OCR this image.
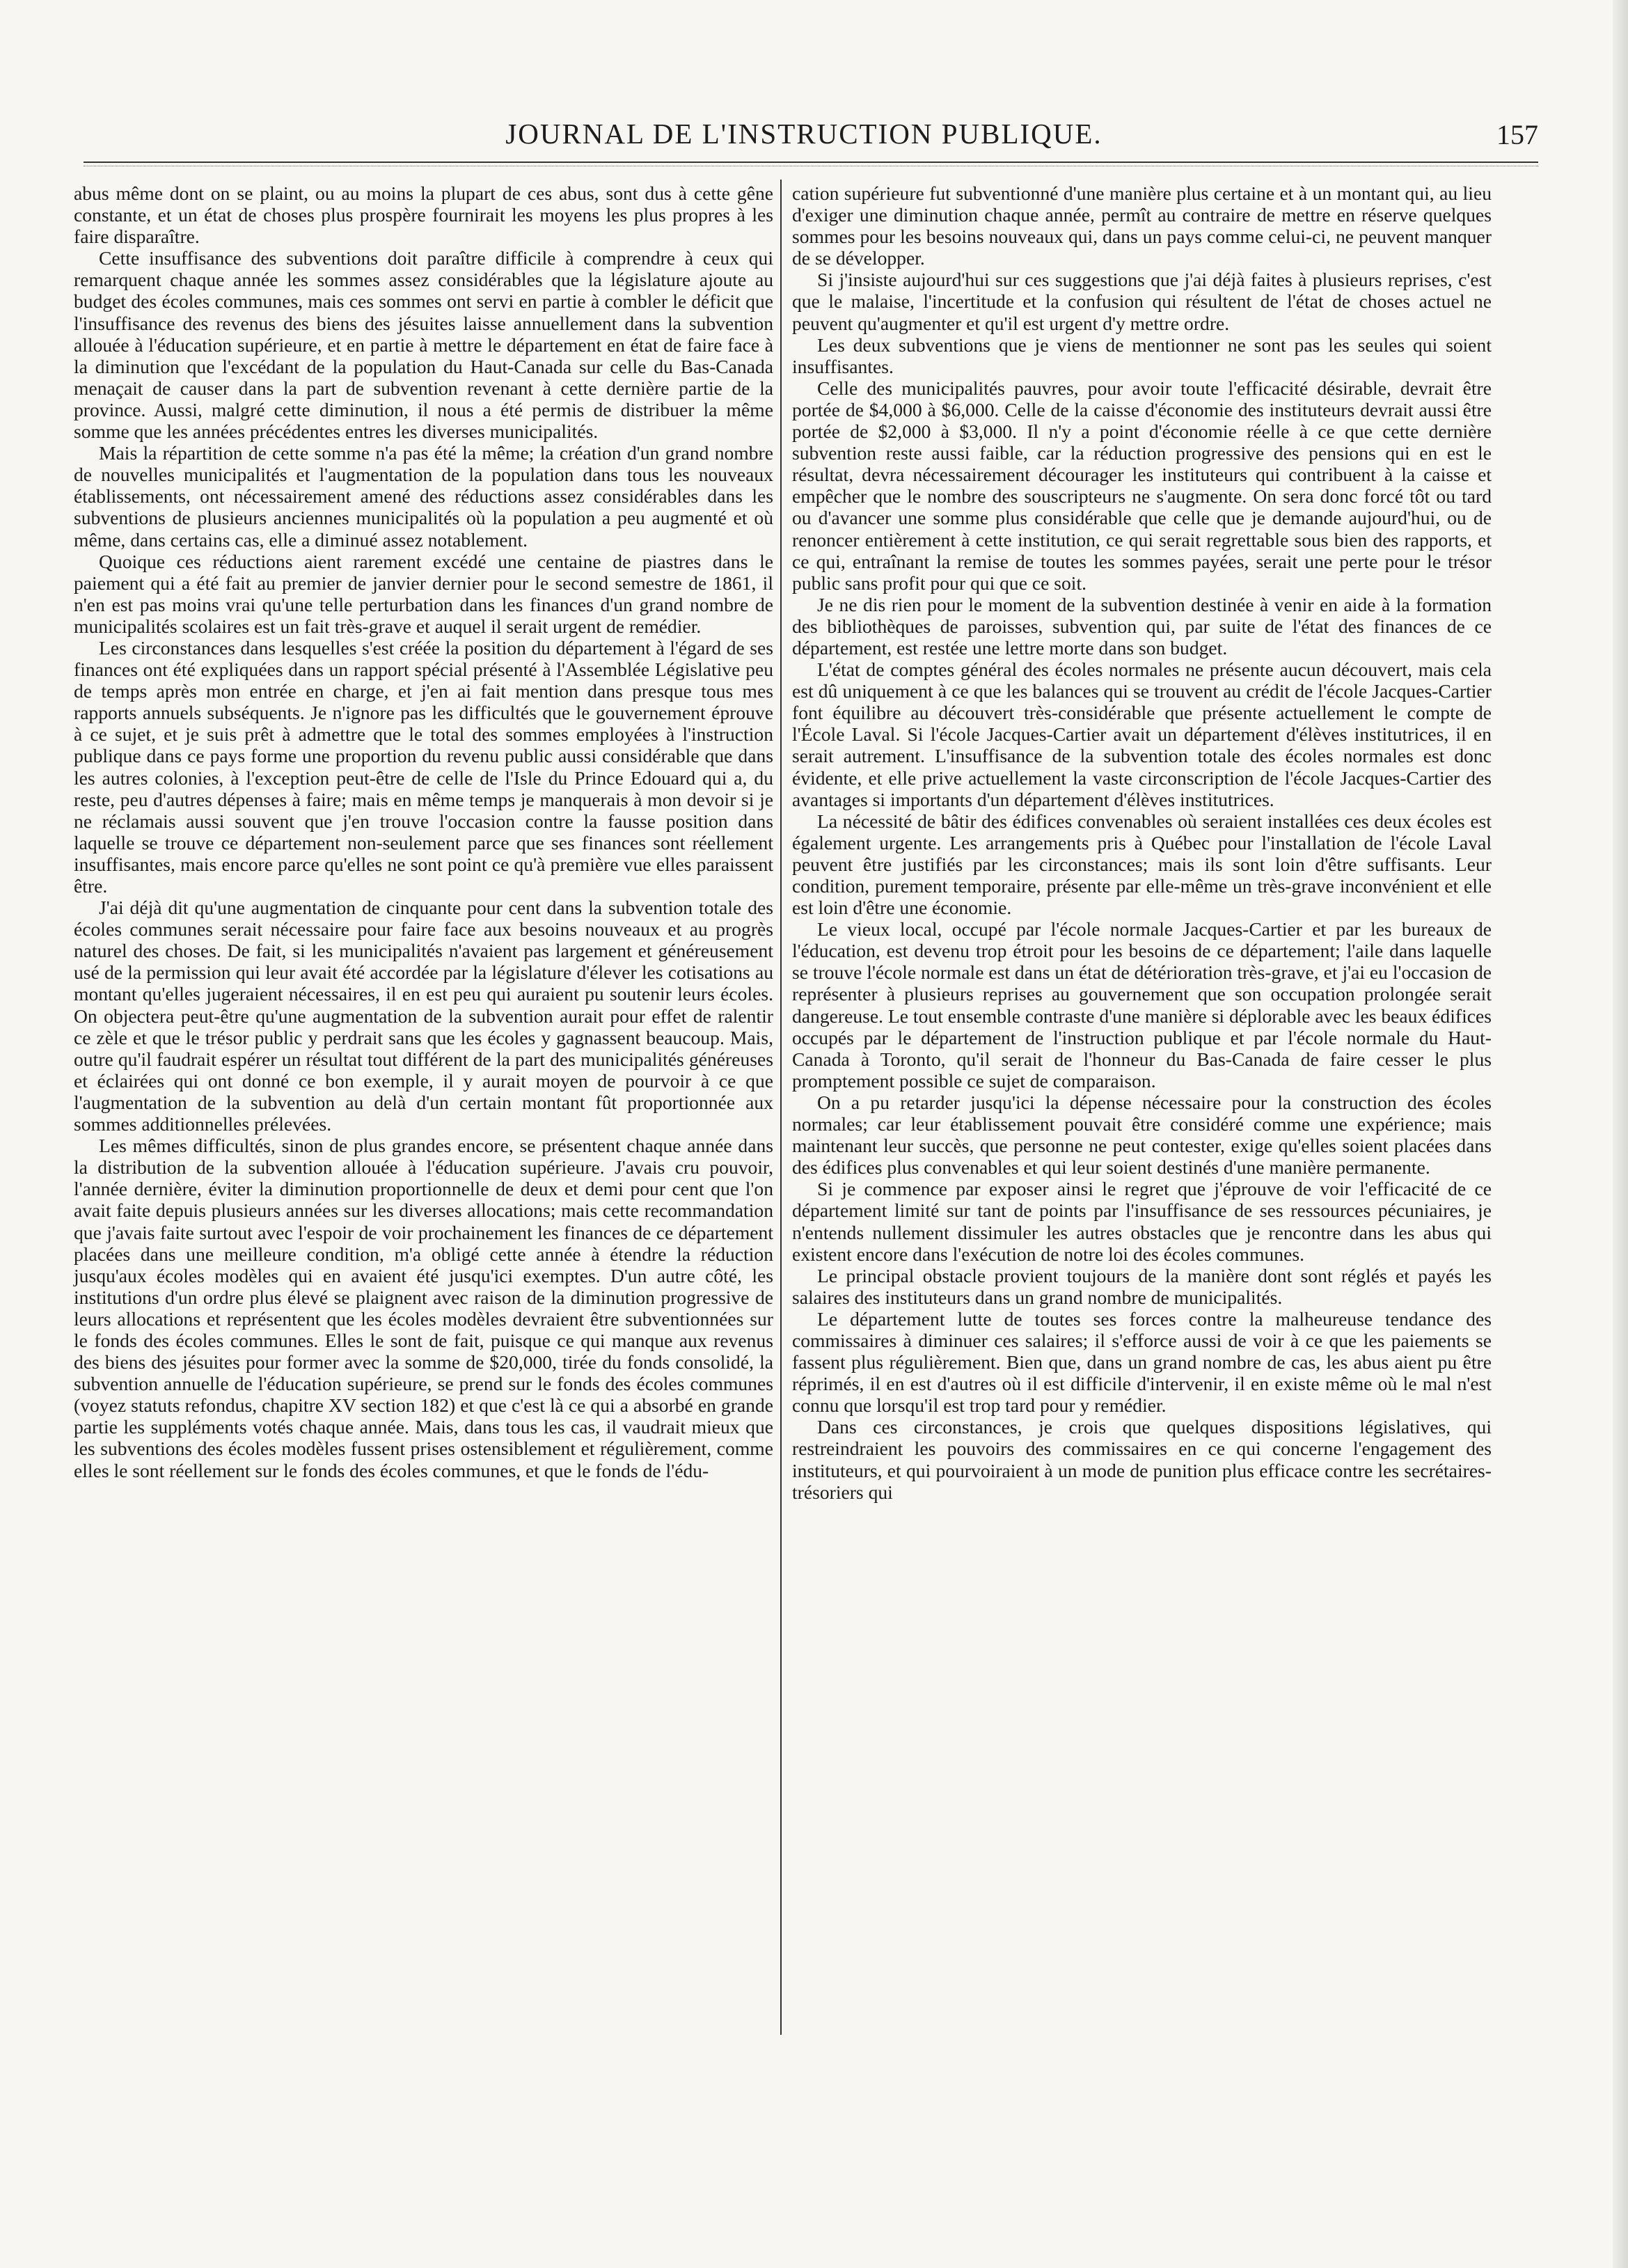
JOURNAL DE L'INSTRUCTION PUBLIQUE.	157

abus même dont on se plaint, ou au moins la plupart de ces abus, sont dus à cette gêne constante, et un état de choses plus prospère fournirait les moyens les plus propres à les faire disparaître.

Cette insuffisance des subventions doit paraître difficile à comprendre à ceux qui remarquent chaque année les sommes assez considérables que la législature ajoute au budget des écoles communes, mais ces sommes ont servi en partie à combler le déficit que l'insuffisance des revenus des biens des jésuites laisse annuellement dans la subvention allouée à l'éducation supérieure, et en partie à mettre le département en état de faire face à la diminution que l'excédant de la population du Haut-Canada sur celle du Bas-Canada menaçait de causer dans la part de subvention revenant à cette dernière partie de la province. Aussi, malgré cette diminution, il nous a été permis de distribuer la même somme que les années précédentes entres les diverses municipalités.

Mais la répartition de cette somme n'a pas été la même; la création d'un grand nombre de nouvelles municipalités et l'augmentation de la population dans tous les nouveaux établissements, ont nécessairement amené des réductions assez considérables dans les subventions de plusieurs anciennes municipalités où la population a peu augmenté et où même, dans certains cas, elle a diminué assez notablement.

Quoique ces réductions aient rarement excédé une centaine de piastres dans le paiement qui a été fait au premier de janvier dernier pour le second semestre de 1861, il n'en est pas moins vrai qu'une telle perturbation dans les finances d'un grand nombre de municipalités scolaires est un fait très-grave et auquel il serait urgent de remédier.

Les circonstances dans lesquelles s'est créée la position du département à l'égard de ses finances ont été expliquées dans un rapport spécial présenté à l'Assemblée Législative peu de temps après mon entrée en charge, et j'en ai fait mention dans presque tous mes rapports annuels subséquents. Je n'ignore pas les difficultés que le gouvernement éprouve à ce sujet, et je suis prêt à admettre que le total des sommes employées à l'instruction publique dans ce pays forme une proportion du revenu public aussi considérable que dans les autres colonies, à l'exception peut-être de celle de l'Isle du Prince Edouard qui a, du reste, peu d'autres dépenses à faire; mais en même temps je manquerais à mon devoir si je ne réclamais aussi souvent que j'en trouve l'occasion contre la fausse position dans laquelle se trouve ce département non-seulement parce que ses finances sont réellement insuffisantes, mais encore parce qu'elles ne sont point ce qu'à première vue elles paraissent être.

J'ai déjà dit qu'une augmentation de cinquante pour cent dans la subvention totale des écoles communes serait nécessaire pour faire face aux besoins nouveaux et au progrès naturel des choses. De fait, si les municipalités n'avaient pas largement et généreusement usé de la permission qui leur avait été accordée par la législature d'élever les cotisations au montant qu'elles jugeraient nécessaires, il en est peu qui auraient pu soutenir leurs écoles. On objectera peut-être qu'une augmentation de la subvention aurait pour effet de ralentir ce zèle et que le trésor public y perdrait sans que les écoles y gagnassent beaucoup. Mais, outre qu'il faudrait espérer un résultat tout différent de la part des municipalités généreuses et éclairées qui ont donné ce bon exemple, il y aurait moyen de pourvoir à ce que l'augmentation de la subvention au delà d'un certain montant fût proportionnée aux sommes additionnelles prélevées.

Les mêmes difficultés, sinon de plus grandes encore, se présentent chaque année dans la distribution de la subvention allouée à l'éducation supérieure. J'avais cru pouvoir, l'année dernière, éviter la diminution proportionnelle de deux et demi pour cent que l'on avait faite depuis plusieurs années sur les diverses allocations; mais cette recommandation que j'avais faite surtout avec l'espoir de voir prochainement les finances de ce département placées dans une meilleure condition, m'a obligé cette année à étendre la réduction jusqu'aux écoles modèles qui en avaient été jusqu'ici exemptes. D'un autre côté, les institutions d'un ordre plus élevé se plaignent avec raison de la diminution progressive de leurs allocations et représentent que les écoles modèles devraient être subventionnées sur le fonds des écoles communes. Elles le sont de fait, puisque ce qui manque aux revenus des biens des jésuites pour former avec la somme de $20,000, tirée du fonds consolidé, la subvention annuelle de l'éducation supérieure, se prend sur le fonds des écoles communes (voyez statuts refondus, chapitre XV section 182) et que c'est là ce qui a absorbé en grande partie les suppléments votés chaque année. Mais, dans tous les cas, il vaudrait mieux que les subventions des écoles modèles fussent prises ostensiblement et régulièrement, comme elles le sont réellement sur le fonds des écoles communes, et que le fonds de l'édu-

cation supérieure fut subventionné d'une manière plus certaine et à un montant qui, au lieu d'exiger une diminution chaque année, permît au contraire de mettre en réserve quelques sommes pour les besoins nouveaux qui, dans un pays comme celui-ci, ne peuvent manquer de se développer.

Si j'insiste aujourd'hui sur ces suggestions que j'ai déjà faites à plusieurs reprises, c'est que le malaise, l'incertitude et la confusion qui résultent de l'état de choses actuel ne peuvent qu'augmenter et qu'il est urgent d'y mettre ordre.

Les deux subventions que je viens de mentionner ne sont pas les seules qui soient insuffisantes.

Celle des municipalités pauvres, pour avoir toute l'efficacité désirable, devrait être portée de $4,000 à $6,000. Celle de la caisse d'économie des instituteurs devrait aussi être portée de $2,000 à $3,000. Il n'y a point d'économie réelle à ce que cette dernière subvention reste aussi faible, car la réduction progressive des pensions qui en est le résultat, devra nécessairement décourager les instituteurs qui contribuent à la caisse et empêcher que le nombre des souscripteurs ne s'augmente. On sera donc forcé tôt ou tard ou d'avancer une somme plus considérable que celle que je demande aujourd'hui, ou de renoncer entièrement à cette institution, ce qui serait regrettable sous bien des rapports, et ce qui, entraînant la remise de toutes les sommes payées, serait une perte pour le trésor public sans profit pour qui que ce soit.

Je ne dis rien pour le moment de la subvention destinée à venir en aide à la formation des bibliothèques de paroisses, subvention qui, par suite de l'état des finances de ce département, est restée une lettre morte dans son budget.

L'état de comptes général des écoles normales ne présente aucun découvert, mais cela est dû uniquement à ce que les balances qui se trouvent au crédit de l'école Jacques-Cartier font équilibre au découvert très-considérable que présente actuellement le compte de l'École Laval. Si l'école Jacques-Cartier avait un département d'élèves institutrices, il en serait autrement. L'insuffisance de la subvention totale des écoles normales est donc évidente, et elle prive actuellement la vaste circonscription de l'école Jacques-Cartier des avantages si importants d'un département d'élèves institutrices.

La nécessité de bâtir des édifices convenables où seraient installées ces deux écoles est également urgente. Les arrangements pris à Québec pour l'installation de l'école Laval peuvent être justifiés par les circonstances; mais ils sont loin d'être suffisants. Leur condition, purement temporaire, présente par elle-même un très-grave inconvénient et elle est loin d'être une économie.

Le vieux local, occupé par l'école normale Jacques-Cartier et par les bureaux de l'éducation, est devenu trop étroit pour les besoins de ce département; l'aile dans laquelle se trouve l'école normale est dans un état de détérioration très-grave, et j'ai eu l'occasion de représenter à plusieurs reprises au gouvernement que son occupation prolongée serait dangereuse. Le tout ensemble contraste d'une manière si déplorable avec les beaux édifices occupés par le département de l'instruction publique et par l'école normale du Haut-Canada à Toronto, qu'il serait de l'honneur du Bas-Canada de faire cesser le plus promptement possible ce sujet de comparaison.

On a pu retarder jusqu'ici la dépense nécessaire pour la construction des écoles normales; car leur établissement pouvait être considéré comme une expérience; mais maintenant leur succès, que personne ne peut contester, exige qu'elles soient placées dans des édifices plus convenables et qui leur soient destinés d'une manière permanente.

Si je commence par exposer ainsi le regret que j'éprouve de voir l'efficacité de ce département limité sur tant de points par l'insuffisance de ses ressources pécuniaires, je n'entends nullement dissimuler les autres obstacles que je rencontre dans les abus qui existent encore dans l'exécution de notre loi des écoles communes.

Le principal obstacle provient toujours de la manière dont sont réglés et payés les salaires des instituteurs dans un grand nombre de municipalités.

Le département lutte de toutes ses forces contre la malheureuse tendance des commissaires à diminuer ces salaires; il s'efforce aussi de voir à ce que les paiements se fassent plus régulièrement. Bien que, dans un grand nombre de cas, les abus aient pu être réprimés, il en est d'autres où il est difficile d'intervenir, il en existe même où le mal n'est connu que lorsqu'il est trop tard pour y remédier.

Dans ces circonstances, je crois que quelques dispositions législatives, qui restreindraient les pouvoirs des commissaires en ce qui concerne l'engagement des instituteurs, et qui pourvoiraient à un mode de punition plus efficace contre les secrétaires-trésoriers qui
